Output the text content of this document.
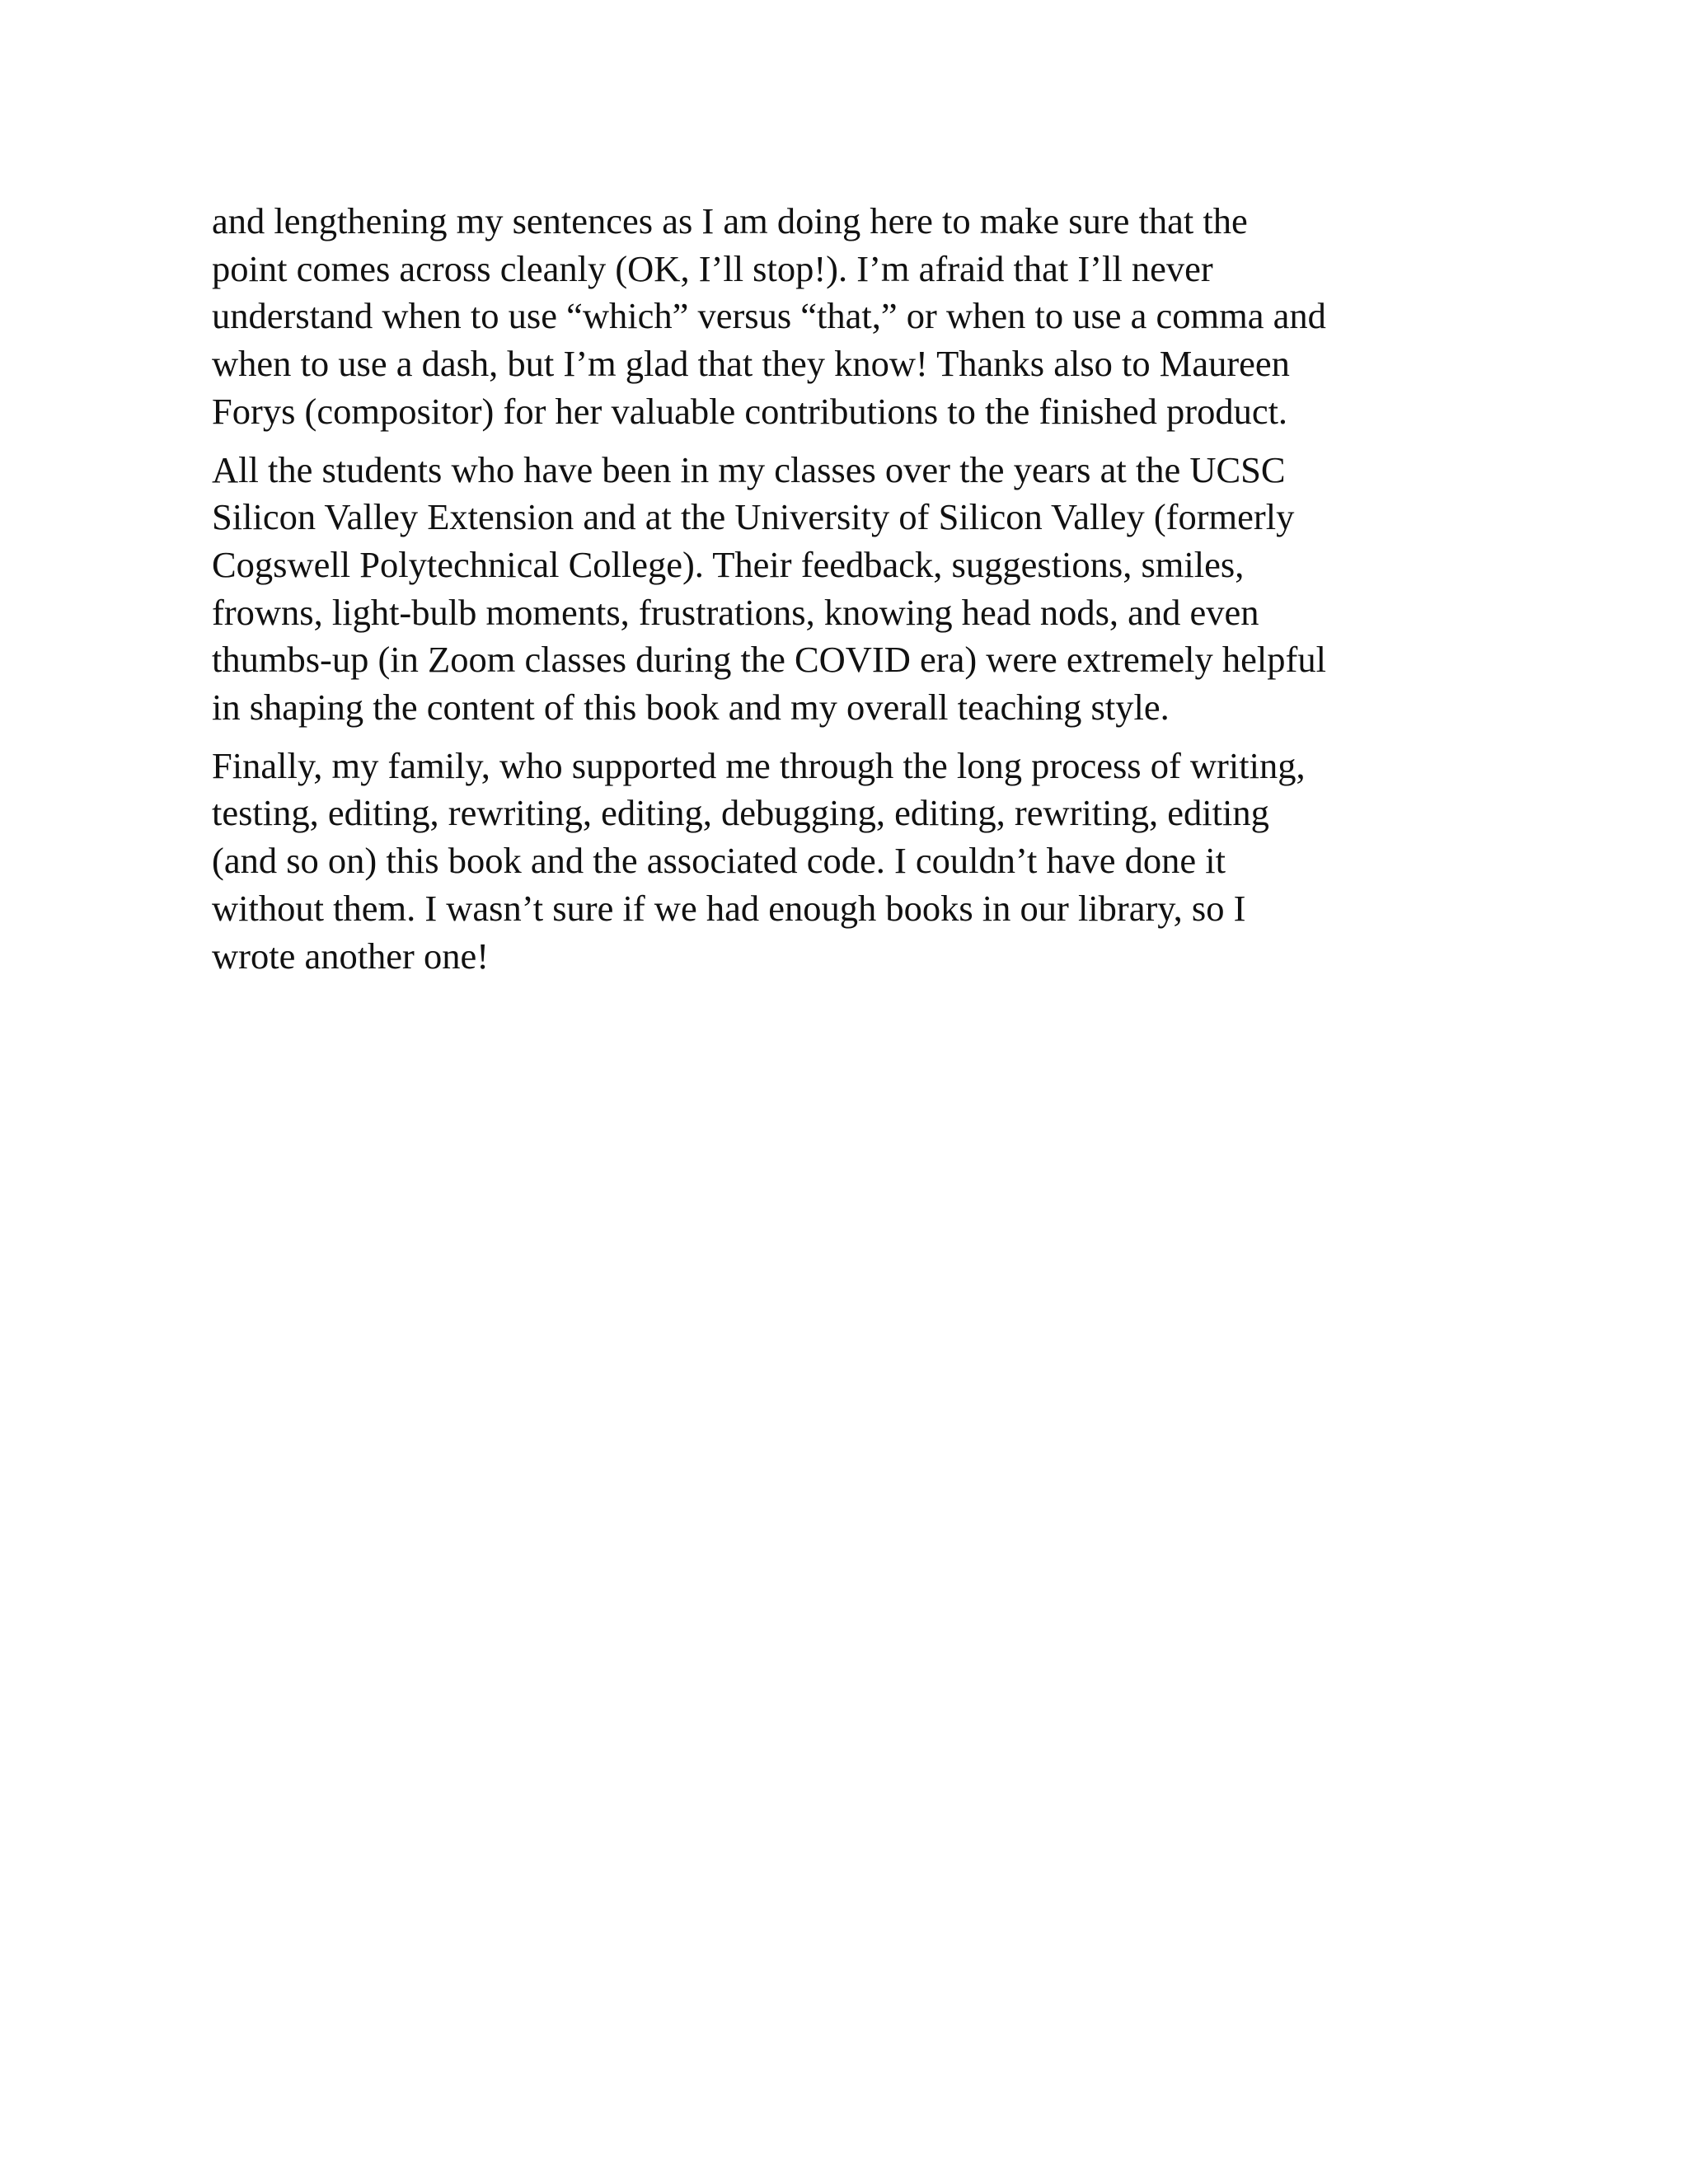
and lengthening my sentences as I am doing here to make sure that the
point comes across cleanly (OK, I’ll stop!). I’m afraid that I’ll never
understand when to use “which” versus “that,” or when to use a comma and
when to use a dash, but I’m glad that they know! Thanks also to Maureen
Forys (compositor) for her valuable contributions to the finished product.

All the students who have been in my classes over the years at the UCSC
Silicon Valley Extension and at the University of Silicon Valley (formerly
Cogswell Polytechnical College). Their feedback, suggestions, smiles,
frowns, light-bulb moments, frustrations, knowing head nods, and even
thumbs-up (in Zoom classes during the COVID era) were extremely helpful
in shaping the content of this book and my overall teaching style.

Finally, my family, who supported me through the long process of writing,
testing, editing, rewriting, editing, debugging, editing, rewriting, editing
(and so on) this book and the associated code. I couldn’t have done it
without them. I wasn’t sure if we had enough books in our library, so I
wrote another one!
